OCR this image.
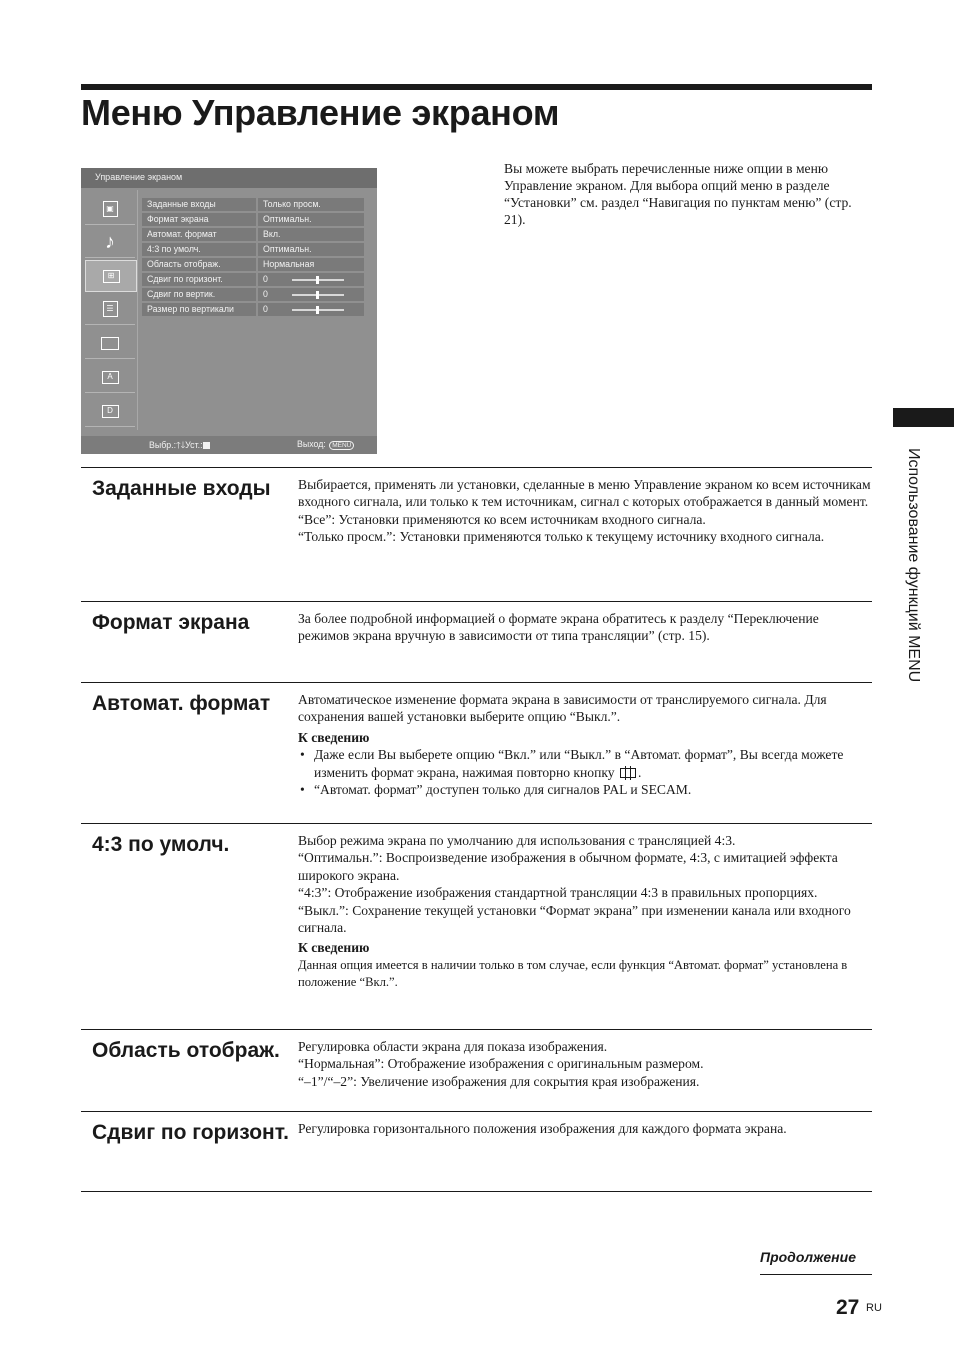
Меню Управление экраном
Управление экраном
▣
♪
⊞
☰
A
D
Заданные входы	Только просм.
Формат экрана	Оптимальн.
Автомат. формат	Вкл.
4:3 по умолч.	Оптимальн.
Область отображ.	Нормальная
Сдвиг по горизонт.	0
Сдвиг по вертик.	0
Размер по вертикали	0
Выбр.:🡑🡓Уст.:	Выход: MENU

Вы можете выбрать перечисленные ниже опции в меню Управление экраном. Для выбора опций меню в разделе “Установки” см. раздел “Навигация по пунктам меню” (стр. 21).

Использование функций MENU
Заданные входы	Выбирается, применять ли установки, сделанные в меню Управление экраном ко всем источникам входного сигнала, или только к тем источникам, сигнал с которых отображается в данный момент.

“Все”: Установки применяются ко всем источникам входного сигнала.

“Только просм.”: Установки применяются только к текущему источнику входного сигнала.

Формат экрана	За более подробной информацией о формате экрана обратитесь к разделу “Переключение режимов экрана вручную в зависимости от типа трансляции” (стр. 15).

Автомат. формат	Автоматическое изменение формата экрана в зависимости от транслируемого сигнала. Для сохранения вашей установки выберите опцию “Выкл.”.

К сведению

• Даже если Вы выберете опцию “Вкл.” или “Выкл.” в “Автомат. формат”, Вы всегда можете изменить формат экрана, нажимая повторно кнопку .
• “Автомат. формат” доступен только для сигналов PAL и SECAM.
4:3 по умолч.	Выбор режима экрана по умолчанию для использования с трансляцией 4:3.

“Оптимальн.”: Воспроизведение изображения в обычном формате, 4:3, с имитацией эффекта широкого экрана.

“4:3”: Отображение изображения стандартной трансляции 4:3 в правильных пропорциях.

“Выкл.”: Сохранение текущей установки “Формат экрана” при изменении канала или входного сигнала.

К сведению

Данная опция имеется в наличии только в том случае, если функция “Автомат. формат” установлена в положение “Вкл.”.

Область отображ.	Регулировка области экрана для показа изображения.

“Нормальная”: Отображение изображения с оригинальным размером.

“–1”/“–2”: Увеличение изображения для сокрытия края изображения.

Сдвиг по горизонт. Регулировка горизонтального положения изображения для каждого формата экрана.

Продолжение
27 RU
